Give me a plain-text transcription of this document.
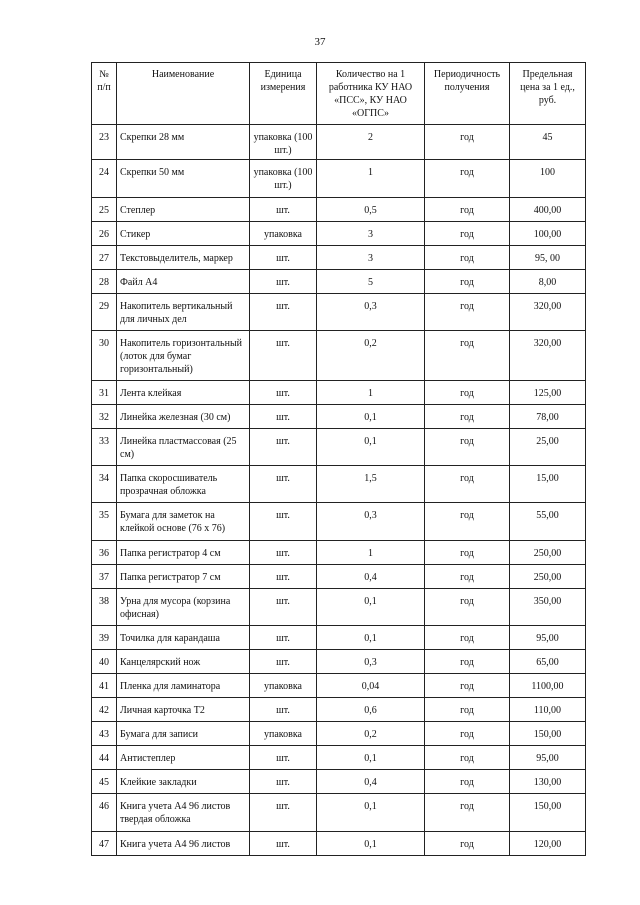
37
№ п/п	Наименование	Единица измерения	Количество на 1 работника КУ НАО «ПСС», КУ НАО «ОГПС»	Периодичность получения	Предельная цена за 1 ед., руб.
23	Скрепки 28 мм	упаковка (100 шт.)	2	год	45
24	Скрепки 50 мм	упаковка (100 шт.)	1	год	100
25	Степлер	шт.	0,5	год	400,00
26	Стикер	упаковка	3	год	100,00
27	Текстовыделитель, маркер	шт.	3	год	95, 00
28	Файл А4	шт.	5	год	8,00
29	Накопитель вертикальный для личных дел	шт.	0,3	год	320,00
30	Накопитель горизонтальный (лоток для бумаг горизонтальный)	шт.	0,2	год	320,00
31	Лента клейкая	шт.	1	год	125,00
32	Линейка железная (30 см)	шт.	0,1	год	78,00
33	Линейка пластмассовая (25 см)	шт.	0,1	год	25,00
34	Папка скоросшиватель прозрачная обложка	шт.	1,5	год	15,00
35	Бумага для заметок на клейкой основе (76 х 76)	шт.	0,3	год	55,00
36	Папка регистратор 4 см	шт.	1	год	250,00
37	Папка регистратор 7 см	шт.	0,4	год	250,00
38	Урна для мусора (корзина офисная)	шт.	0,1	год	350,00
39	Точилка для карандаша	шт.	0,1	год	95,00
40	Канцелярский нож	шт.	0,3	год	65,00
41	Пленка для ламинатора	упаковка	0,04	год	1100,00
42	Личная карточка Т2	шт.	0,6	год	110,00
43	Бумага для записи	упаковка	0,2	год	150,00
44	Антистеплер	шт.	0,1	год	95,00
45	Клейкие закладки	шт.	0,4	год	130,00
46	Книга учета А4 96 листов твердая обложка	шт.	0,1	год	150,00
47	Книга учета А4 96 листов	шт.	0,1	год	120,00
